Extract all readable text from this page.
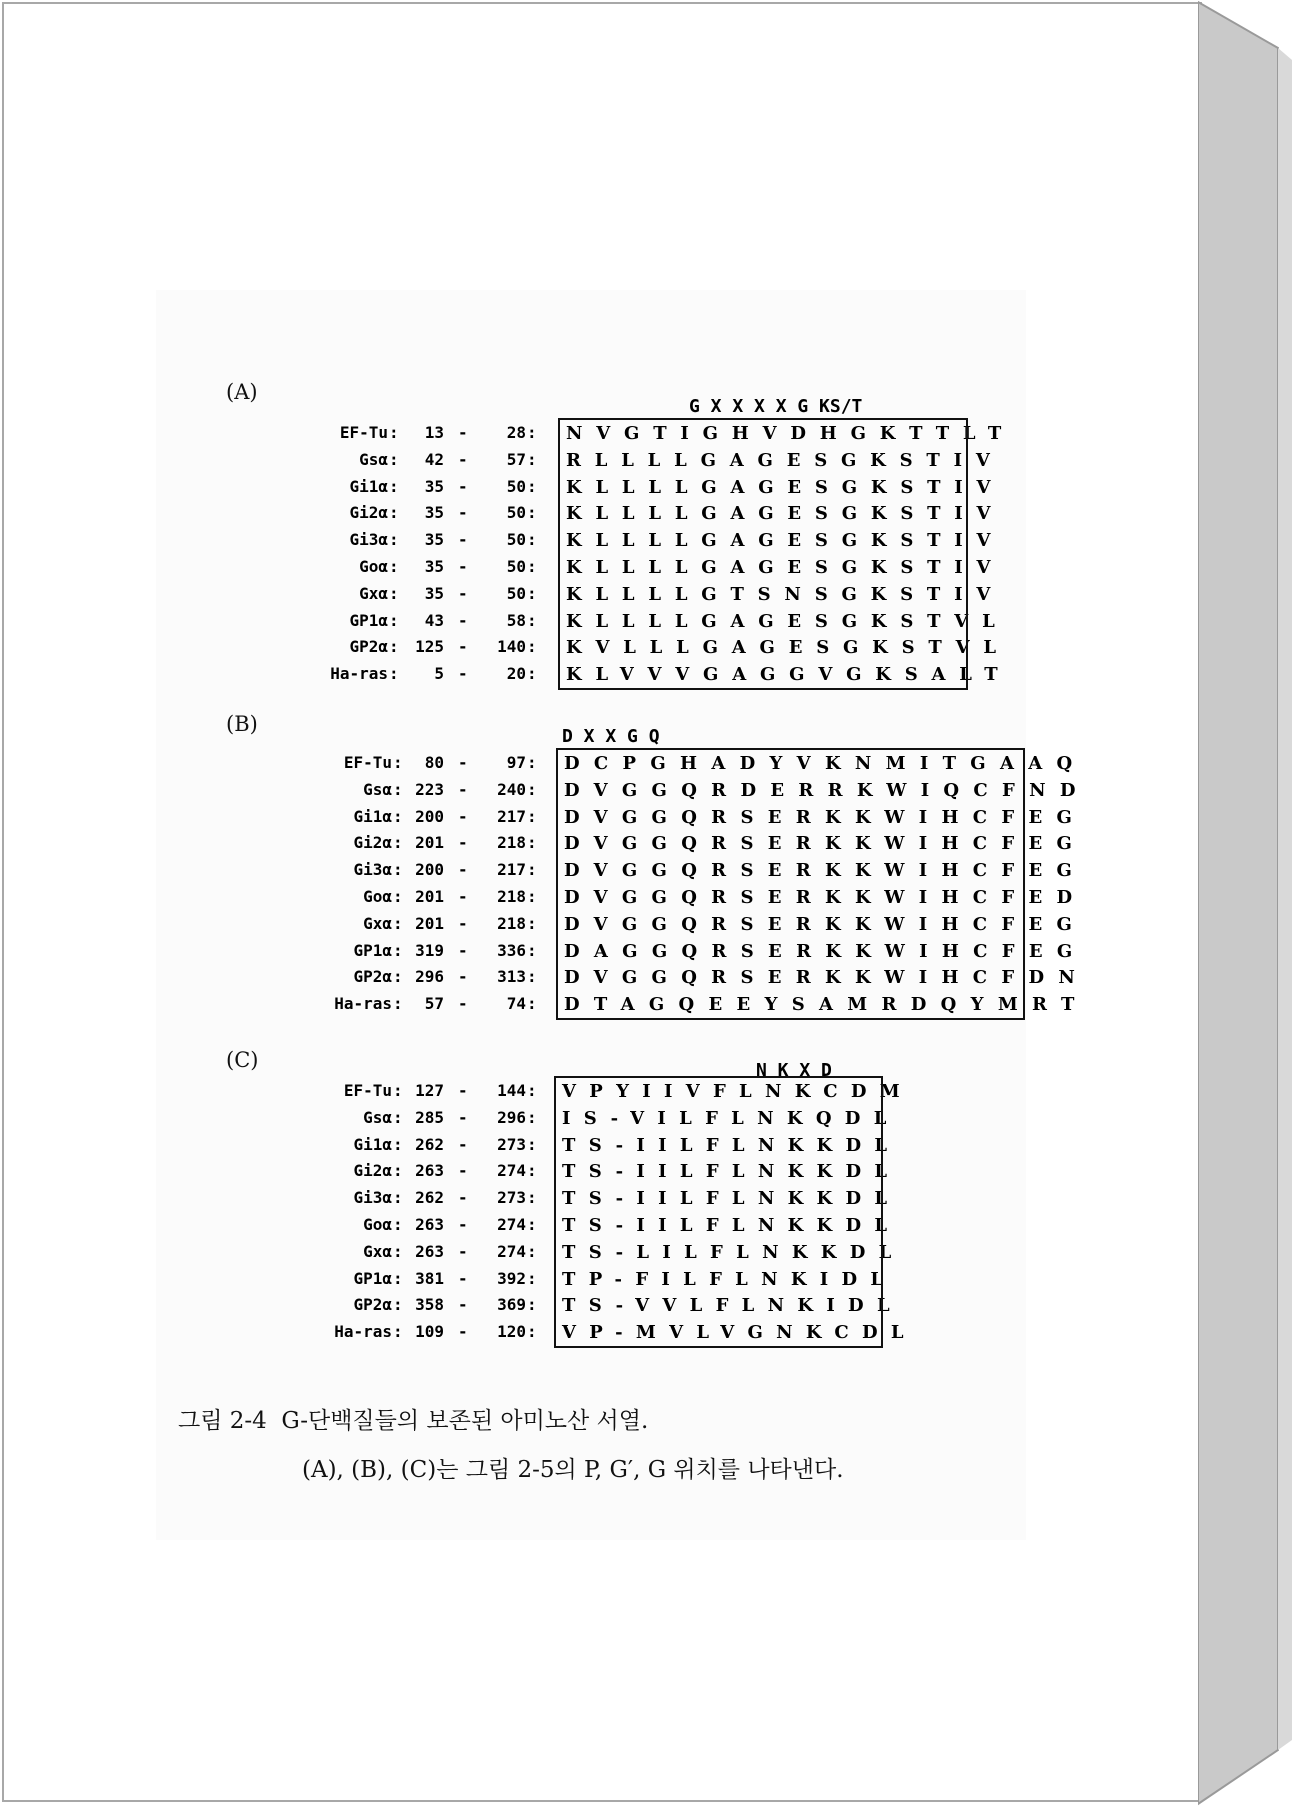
(A)
G X X X X G KS/T
EF-Tu :	13 -	28 :	NVGTIGHVDHGKTTLT
Gsα :	42 -	57 :	RLLLLGAGESGKSTIV
Gi1α :	35 -	50 :	KLLLLGAGESGKSTIV
Gi2α :	35 -	50 :	KLLLLGAGESGKSTIV
Gi3α :	35 -	50 :	KLLLLGAGESGKSTIV
Goα :	35 -	50 :	KLLLLGAGESGKSTIV
Gxα :	35 -	50 :	KLLLLGTSNSGKSTIV
GP1α :	43 -	58 :	KLLLLGAGESGKSTVL
GP2α :	125 -	140 :	KVLLLGAGESGKSTVL
Ha-ras :	5 -	20 :	KLVVVGAGGVGKSALT
(B)
D X X G Q
EF-Tu :	80 -	97 :	DCPGHADYVKNMITGAAQ
Gsα : 223 -	240 :	DVGGQRDERRKWIQCFND
Gi1α : 200 -	217 :	DVGGQRSERKKWIHCFEG
Gi2α : 201 -	218 :	DVGGQRSERKKWIHCFEG
Gi3α : 200 -	217 :	DVGGQRSERKKWIHCFEG
Goα : 201 -	218 :	DVGGQRSERKKWIHCFED
Gxα : 201 -	218 :	DVGGQRSERKKWIHCFEG
GP1α : 319 -	336 :	DAGGQRSERKKWIHCFEG
GP2α : 296 -	313 :	DVGGQRSERKKWIHCFDN
Ha-ras :	57 -	74 :	DTAGQEEYSAMRDQYMRT
(C)	N K X D
EF-Tu : 127 -	144 :	VPYIIVFLNKCDM
Gsα : 285 -	296 :	IS-VILFLNKQDL
Gi1α : 262 -	273 :	TS-IILFLNKKDL
Gi2α : 263 -	274 :	TS-IILFLNKKDL
Gi3α : 262 -	273 :	TS-IILFLNKKDL
Goα : 263 -	274 :	TS-IILFLNKKDL
Gxα : 263 -	274 :	TS-LILFLNKKDL
GP1α : 381 -	392 :	TP-FILFLNKIDL
GP2α : 358 -	369 :	TS-VVLFLNKIDL
Ha-ras : 109 -	120 :	VP-MVLVGNKCDL
그림 2-4  G-단백질들의 보존된 아미노산 서열.
(A), (B), (C)는 그림 2-5의 P, G′, G 위치를 나타낸다.
